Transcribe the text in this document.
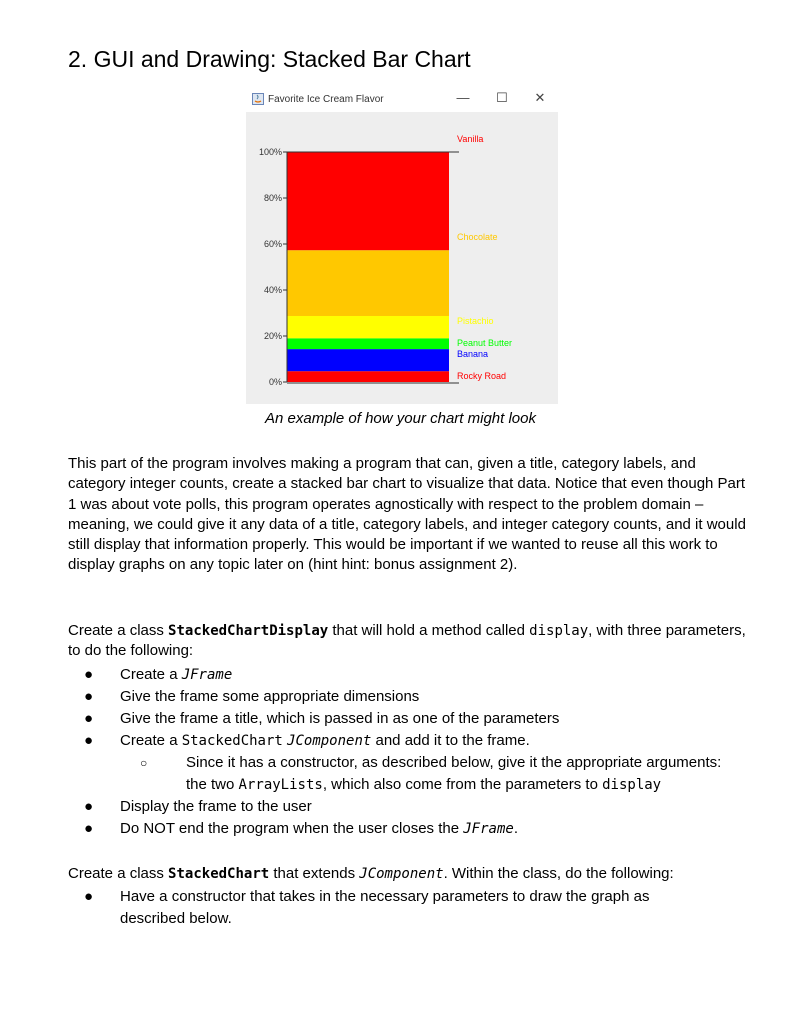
2. GUI and Drawing: Stacked Bar Chart
Favorite Ice Cream Flavor	—	☐	✕
100%
80%
60%
40%
20%
0%
Rocky Road
Banana
Peanut Butter
Pistachio
Chocolate
Vanilla
An example of how your chart might look

This part of the program involves making a program that can, given a title, category labels, and category integer counts, create a stacked bar chart to visualize that data. Notice that even though Part 1 was about vote polls, this program operates agnostically with respect to the problem domain – meaning, we could give it any data of a title, category labels, and integer category counts, and it would still display that information properly. This would be important if we wanted to reuse all this work to display graphs on any topic later on (hint hint: bonus assignment 2).

Create a class StackedChartDisplay that will hold a method called display, with three parameters, to do the following:

● Create a JFrame
● Give the frame some appropriate dimensions
● Give the frame a title, which is passed in as one of the parameters
● Create a StackedChart JComponent and add it to the frame.
○	Since it has a constructor, as described below, give it the appropriate arguments:
the two ArrayLists, which also come from the parameters to display
● Display the frame to the user
● Do NOT end the program when the user closes the JFrame.

Create a class StackedChart that extends JComponent. Within the class, do the following:

● Have a constructor that takes in the necessary parameters to draw the graph as
described below.
